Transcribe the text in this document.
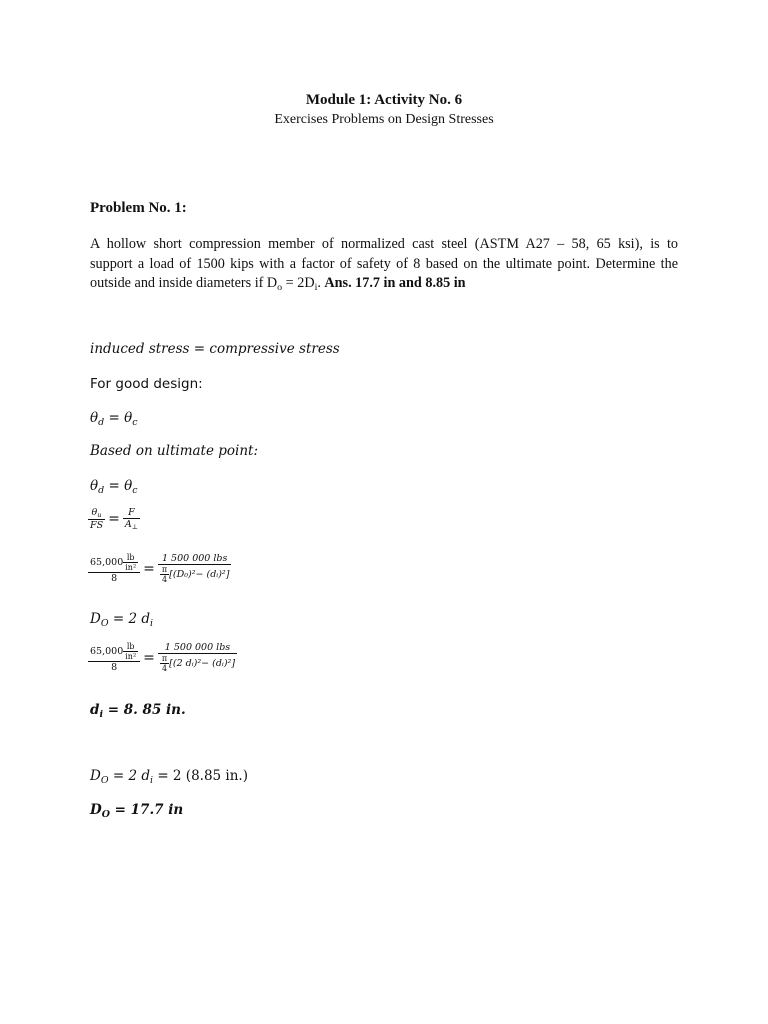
Module 1: Activity No. 6
Exercises Problems on Design Stresses
Problem No. 1:
A hollow short compression member of normalized cast steel (ASTM A27 – 58, 65 ksi), is to
support a load of 1500 kips with a factor of safety of 8 based on the ultimate point. Determine the
outside and inside diameters if $D_o = 2D_i$. Ans. 17.7 in and 8.85 in
induced stress = compressive stress
For good design:
$\theta_d = \theta_c$
Based on ultimate point:
$\theta_d = \theta_c$
$\frac{\theta_u}{FS} = \frac{F}{A_\perp}$
$\frac{65,000 \frac{lb}{\text{in²}}}{8} = \frac{\text{1 500 000 lbs}}{\frac{\pi}{4} [(D_0)^2- (dᵢ)^2]}$
$D_O = 2$ $d_i$
$\frac{65,000 \frac{lb}{\text{in²}}}{8} = \frac{\text{1 500 000 lbs}}{\frac{\pi}{4} [(2 dᵢ)^2- (dᵢ)^2]}$
$d_i = 8$. 85 in.
$D_O = 2$ $d_i = 2$ (8.85 in.)
$D_O = 17.7$ in
